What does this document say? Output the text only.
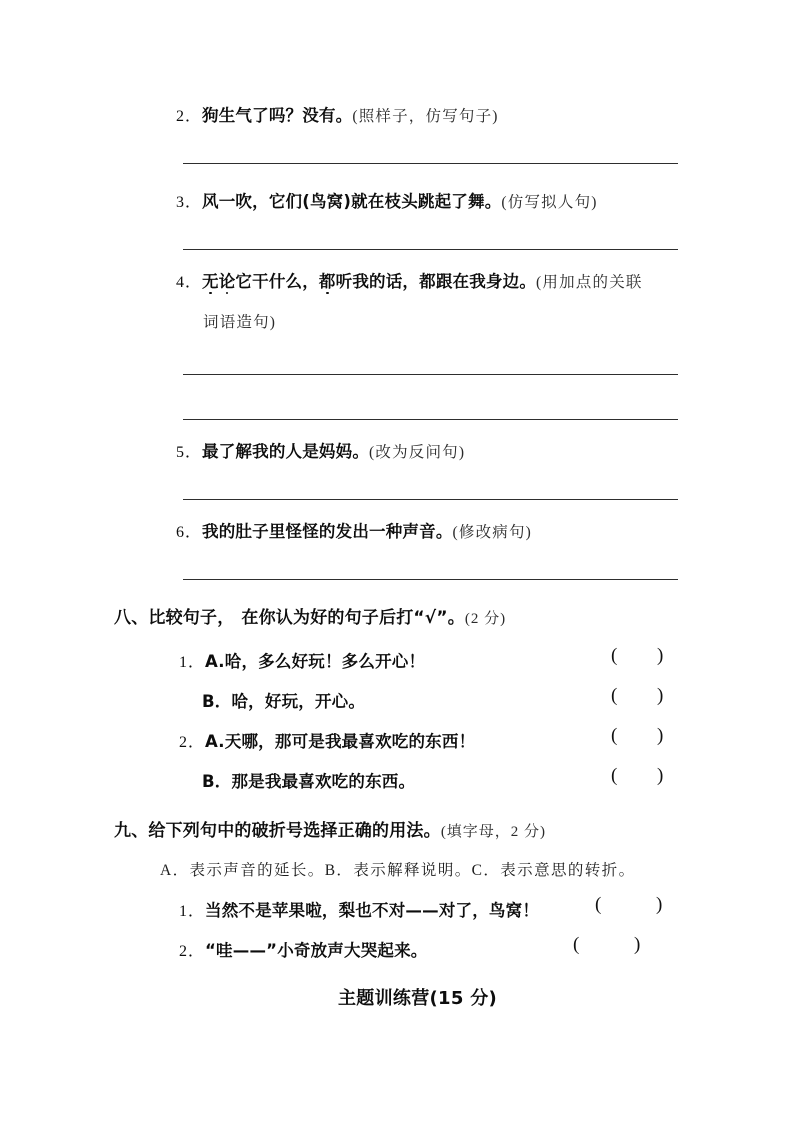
2．狗生气了吗？没有。(照样子，仿写句子)
3．风一吹，它们(鸟窝)就在枝头跳起了舞。(仿写拟人句)
4．无论它干什么，都听我的话，都跟在我身边。(用加点的关联
词语造句)
5．最了解我的人是妈妈。(改为反问句)
6．我的肚子里怪怪的发出一种声音。(修改病句)
八、比较句子， 在你认为好的句子后打“√”。(2 分)
1．A.哈，多么好玩！多么开心！	( )
B．哈，好玩，开心。	( )
2．A.天哪，那可是我最喜欢吃的东西！	( )
B．那是我最喜欢吃的东西。	( )
九、给下列句中的破折号选择正确的用法。(填字母，2 分)
A．表示声音的延长。B．表示解释说明。C．表示意思的转折。
1．当然不是苹果啦，梨也不对——对了，鸟窝！	(	)
2．“哇——”小奇放声大哭起来。	(	)
主题训练营(15 分)
